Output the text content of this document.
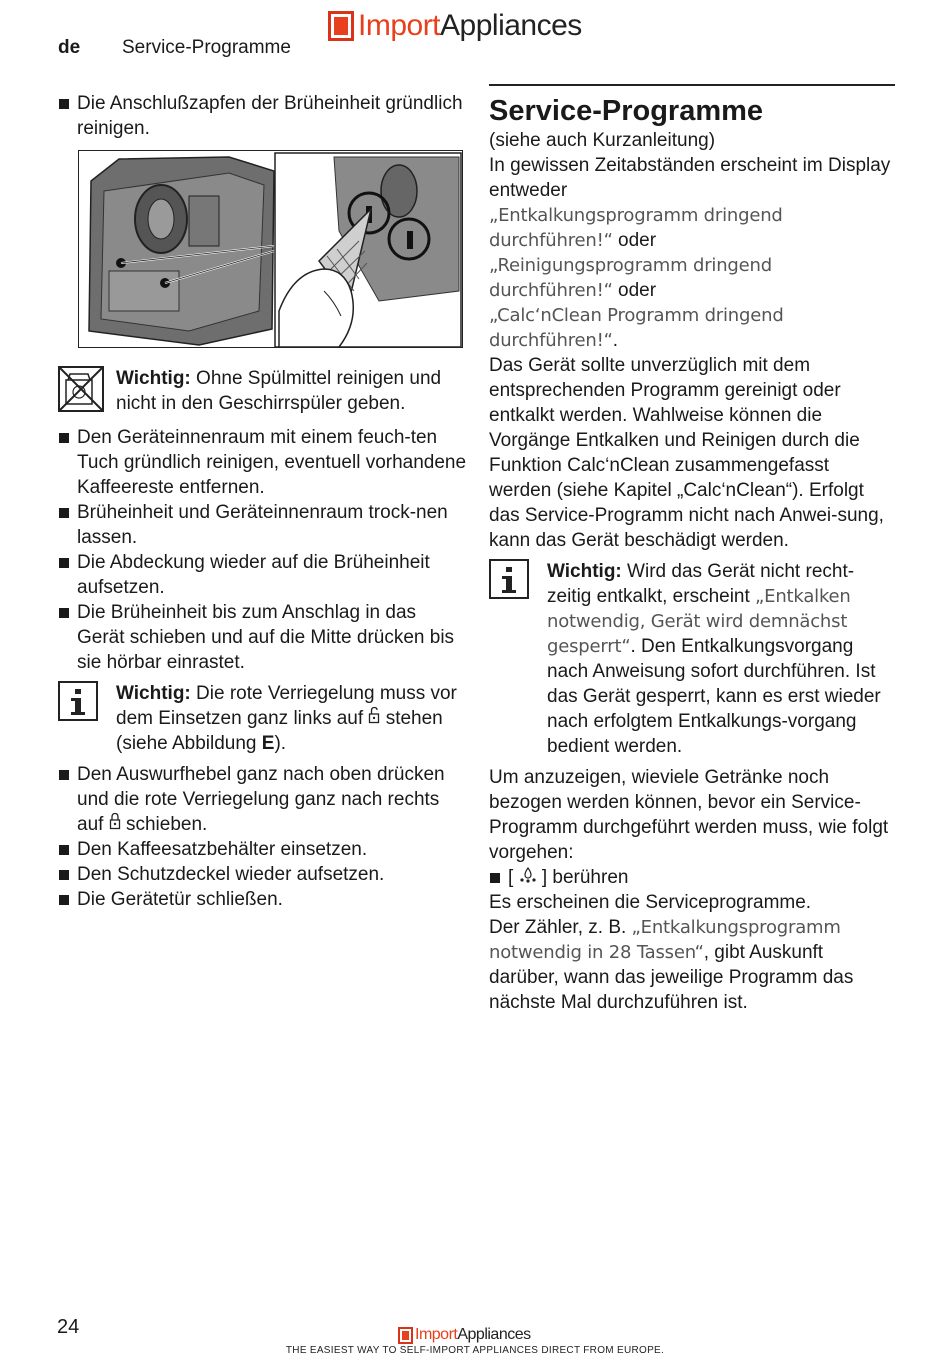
de Service-Programme
Import Appliances
Die Anschlußzapfen der Brüheinheit gründlich reinigen.
Wichtig: Ohne Spülmittel reinigen und nicht in den Geschirrspüler geben.
Den Geräteinnenraum mit einem feuch-ten Tuch gründlich reinigen, eventuell vorhandene Kaffeereste entfernen.
Brüheinheit und Geräteinnenraum trock-nen lassen.
Die Abdeckung wieder auf die Brüheinheit aufsetzen.
Die Brüheinheit bis zum Anschlag in das Gerät schieben und auf die Mitte drücken bis sie hörbar einrastet.
Wichtig: Die rote Verriegelung muss vor dem Einsetzen ganz links auf  stehen (siehe Abbildung E).
Den Auswurfhebel ganz nach oben drücken und die rote Verriegelung ganz nach rechts auf  schieben.
Den Kaffeesatzbehälter einsetzen.
Den Schutzdeckel wieder aufsetzen.
Die Gerätetür schließen.
Service-Programme
(siehe auch Kurzanleitung)
In gewissen Zeitabständen erscheint im Display entweder
„Entkalkungsprogramm dringend durchführen!“ oder
„Reinigungsprogramm dringend durchführen!“ oder
„Calc‘nClean Programm dringend durchführen!“.
Das Gerät sollte unverzüglich mit dem entsprechenden Programm gereinigt oder entkalkt werden. Wahlweise können die Vorgänge Entkalken und Reinigen durch die Funktion Calc‘nClean zusammengefasst werden (siehe Kapitel „Calc‘nClean“). Erfolgt das Service-Programm nicht nach Anwei-sung, kann das Gerät beschädigt werden.
Wichtig: Wird das Gerät nicht recht-zeitig entkalkt, erscheint „Entkalken notwendig, Gerät wird demnächst gesperrt“. Den Entkalkungsvorgang nach Anweisung sofort durchführen. Ist das Gerät gesperrt, kann es erst wieder nach erfolgtem Entkalkungs-vorgang bedient werden.
Um anzuzeigen, wieviele Getränke noch bezogen werden können, bevor ein Service-Programm durchgeführt werden muss, wie folgt vorgehen:
[  ] berühren
Es erscheinen die Serviceprogramme.
Der Zähler, z. B. „Entkalkungsprogramm notwendig in 28 Tassen“, gibt Auskunft darüber, wann das jeweilige Programm das nächste Mal durchzuführen ist.
24	Import Appliances
THE EASIEST WAY TO SELF-IMPORT APPLIANCES DIRECT FROM EUROPE.
